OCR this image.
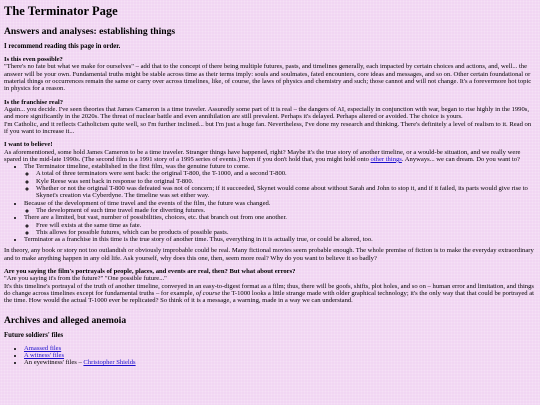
The Terminator Page
Answers and analyses: establishing things
I recommend reading this page in order.
Is this even possible?

"There's no fate but what we make for ourselves" – add that to the concept of there being multiple futures, pasts, and timelines generally, each impacted by certain choices and actions, and, well... the answer will be your own. Fundamental truths might be stable across time as their terms imply: souls and soulmates, fated encounters, core ideas and messages, and so on. Other certain foundational or material things or occurrences remain the same or carry over across timelines, like, of course, the laws of physics and chemistry and such; those cannot and will not change. It's a forevermore hot topic in physics for a reason.

Is the franchise real?

Again... you decide. I've seen theories that James Cameron is a time traveler. Assuredly some part of it is real – the dangers of AI, especially in conjunction with war, began to rise highly in the 1990s, and more significantly in the 2020s. The threat of nuclear battle and even annihilation are still prevalent. Perhaps it's delayed. Perhaps altered or avoided. The choice is yours.

I'm Catholic, and it reflects Catholicism quite well, so I'm further inclined... but I'm just a huge fan. Nevertheless, I've done my research and thinking. There's definitely a level of realism to it. Read on if you want to increase it...

I want to believe!

As aforementioned, some hold James Cameron to be a time traveler. Stranger things have happened, right? Maybe it's the true story of another timeline, or a would-be situation, and we really were spared in the mid-late 1990s. (The second film is a 1991 story of a 1995 series of events.) Even if you don't hold that, you might hold onto other things. Anyways... we can dream. Do you want to?

• The Terminator timeline, established in the first film, was the genuine future to come.
◦ A total of three terminators were sent back: the original T-800, the T-1000, and a second T-800.
◦ Kyle Reese was sent back in response to the original T-800.
◦ Whether or not the original T-800 was defeated was not of concern; if it succeeded, Skynet would come about without Sarah and John to stop it, and if it failed, its parts would give rise to Skynet's creation via Cyberdyne. The timeline was set either way.
• Because of the development of time travel and the events of the film, the future was changed.
◦ The development of such time travel made for diverting futures.
• There are a limited, but vast, number of possibilities, choices, etc. that branch out from one another.
◦ Free will exists at the same time as fate.
◦ This allows for possible futures, which can be products of possible pasts.
• Terminator as a franchise in this time is the true story of another time. Thus, everything in it is actually true, or could be altered, too.

In theory, any book or story not too outlandish or obviously improbable could be real. Many fictional movies seem probable enough. The whole premise of fiction is to make the everyday extraordinary and to make anything happen in any old life. Ask yourself, why does this one, then, seem more real? Why do you want to believe it so badly?

Are you saying the film's portrayals of people, places, and events are real, then? But what about errors?

"Are you saying it's from the future?" "One possible future..."

It's this timeline's portrayal of the truth of another timeline, conveyed in an easy-to-digest format as a film; thus, there will be goofs, shifts, plot holes, and so on – human error and limitation, and things do change across timelines except for fundamental truths – for example, of course the T-1000 looks a little strange made with older graphical technology; it's the only way that that could be portrayed at the time. How would the actual T-1000 ever be replicated? So think of it is a message, a warning, made in a way we can understand.

Archives and alleged anemoia
Future soldiers' files
• Amassed files
• A witness' files
• An eyewitness' files – Christopher Shields
